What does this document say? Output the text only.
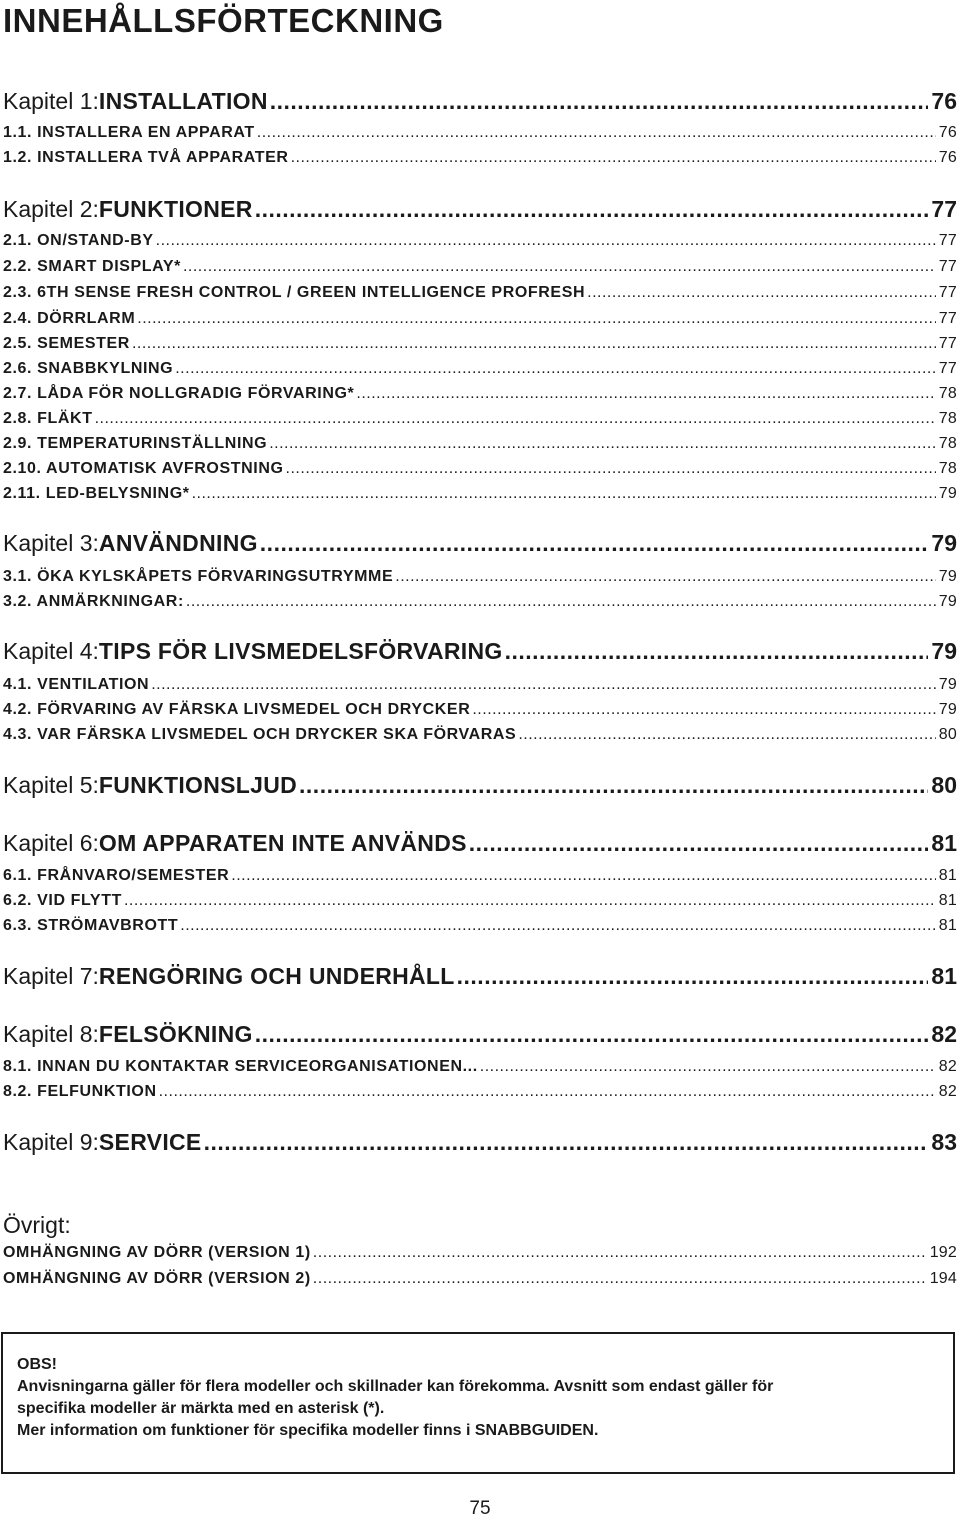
INNEHÅLLSFÖRTECKNING
Kapitel 1: INSTALLATION .....	76
1.1. INSTALLERA EN APPARAT .....	76
1.2. INSTALLERA TVÅ APPARATER .....	76
Kapitel 2: FUNKTIONER .....	77
2.1. ON/STAND-BY .....	77
2.2. SMART DISPLAY* .....	77
2.3. 6TH SENSE FRESH CONTROL / GREEN INTELLIGENCE PROFRESH .....	77
2.4. DÖRRLARM .....	77
2.5. SEMESTER .....	77
2.6. SNABBKYLNING .....	77
2.7. LÅDA FÖR NOLLGRADIG FÖRVARING* .....	78
2.8. FLÄKT .....	78
2.9. TEMPERATURINSTÄLLNING .....	78
2.10. AUTOMATISK AVFROSTNING .....	78
2.11. LED-BELYSNING* .....	79
Kapitel 3: ANVÄNDNING .....	79
3.1. ÖKA KYLSKÅPETS FÖRVARINGSUTRYMME .....	79
3.2. ANMÄRKNINGAR: .....	79
Kapitel 4: TIPS FÖR LIVSMEDELSFÖRVARING .....	79
4.1. VENTILATION .....	79
4.2. FÖRVARING AV FÄRSKA LIVSMEDEL OCH DRYCKER .....	79
4.3. VAR FÄRSKA LIVSMEDEL OCH DRYCKER SKA FÖRVARAS .....	80
Kapitel 5: FUNKTIONSLJUD .....	80
Kapitel 6: OM APPARATEN INTE ANVÄNDS .....	81
6.1. FRÅNVARO/SEMESTER .....	81
6.2. VID FLYTT .....	81
6.3. STRÖMAVBROTT .....	81
Kapitel 7: RENGÖRING OCH UNDERHÅLL .....	81
Kapitel 8: FELSÖKNING .....	82
8.1. INNAN DU KONTAKTAR SERVICEORGANISATIONEN... .....	82
8.2. FELFUNKTION .....	82
Kapitel 9: SERVICE .....	83
OMHÄNGNING AV DÖRR (VERSION 1) .....	192
OMHÄNGNING AV DÖRR (VERSION 2) .....	194
Övrigt:
OBS!
Anvisningarna gäller för flera modeller och skillnader kan förekomma. Avsnitt som endast gäller för
specifika modeller är märkta med en asterisk (*).
Mer information om funktioner för specifika modeller finns i SNABBGUIDEN.
75
